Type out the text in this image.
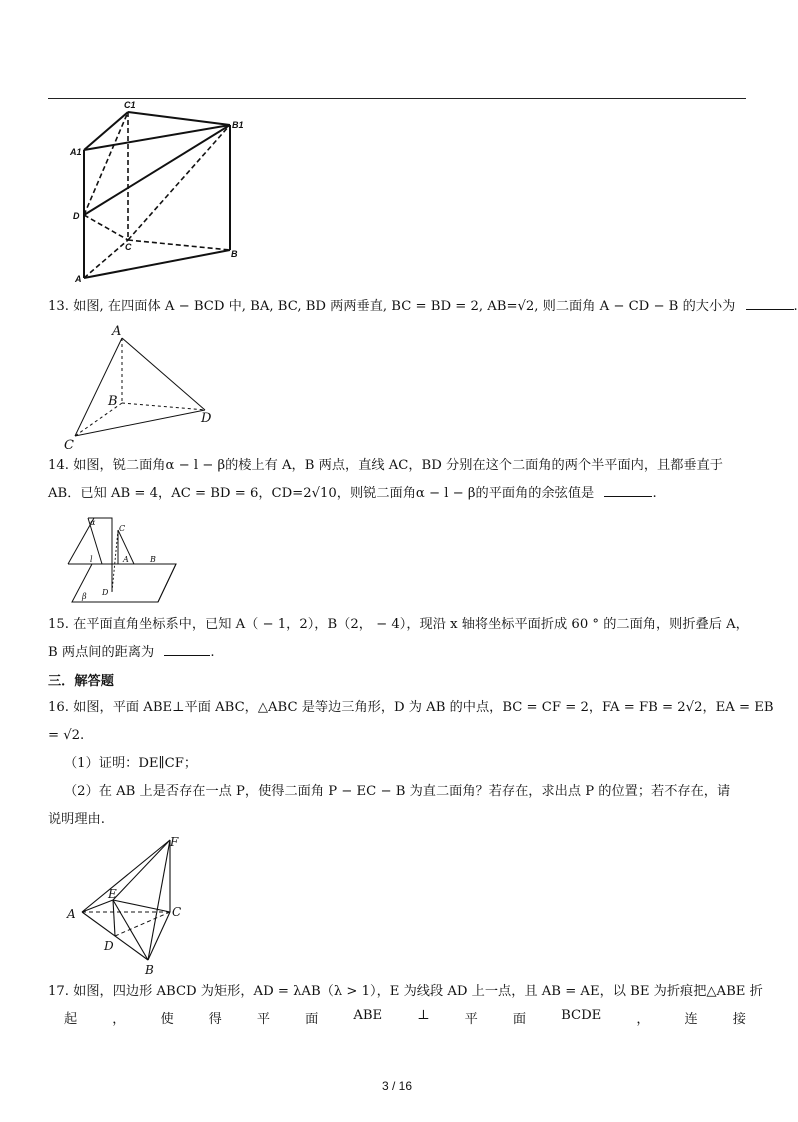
C1
B1
A1
D
C
B
A
13. 如图, 在四面体 A − BCD 中, BA, BC, BD 两两垂直, BC = BD = 2, AB=√2, 则二面角 A − CD − B 的大小为	.
A
B
D
C
14. 如图，锐二面角α − l − β的棱上有 A，B 两点，直线 AC，BD 分别在这个二面角的两个半平面内，且都垂直于
AB．已知 AB = 4，AC = BD = 6，CD=2√10，则锐二面角α − l − β的平面角的余弦值是	.
α
C
l	A	B
D
β
15. 在平面直角坐标系中，已知 A（ − 1，2），B（2， − 4），现沿 x 轴将坐标平面折成 60 ° 的二面角，则折叠后 A，
B 两点间的距离为	.
三．解答题
16. 如图，平面 ABE⊥平面 ABC，△ABC 是等边三角形，D 为 AB 的中点，BC = CF = 2，FA = FB = 2√2，EA = EB
= √2.
（1）证明：DE∥CF；
（2）在 AB 上是否存在一点 P，使得二面角 P − EC − B 为直二面角？若存在，求出点 P 的位置；若不存在，请
说明理由.
F
E
A	C
D
B
17. 如图，四边形 ABCD 为矩形，AD = λAB（λ > 1），E 为线段 AD 上一点，且 AB = AE，以 BE 为折痕把△ABE 折
起	，	使	得	平	面	ABE	⊥	平	面	BCDE	，	连	接
3 / 16
